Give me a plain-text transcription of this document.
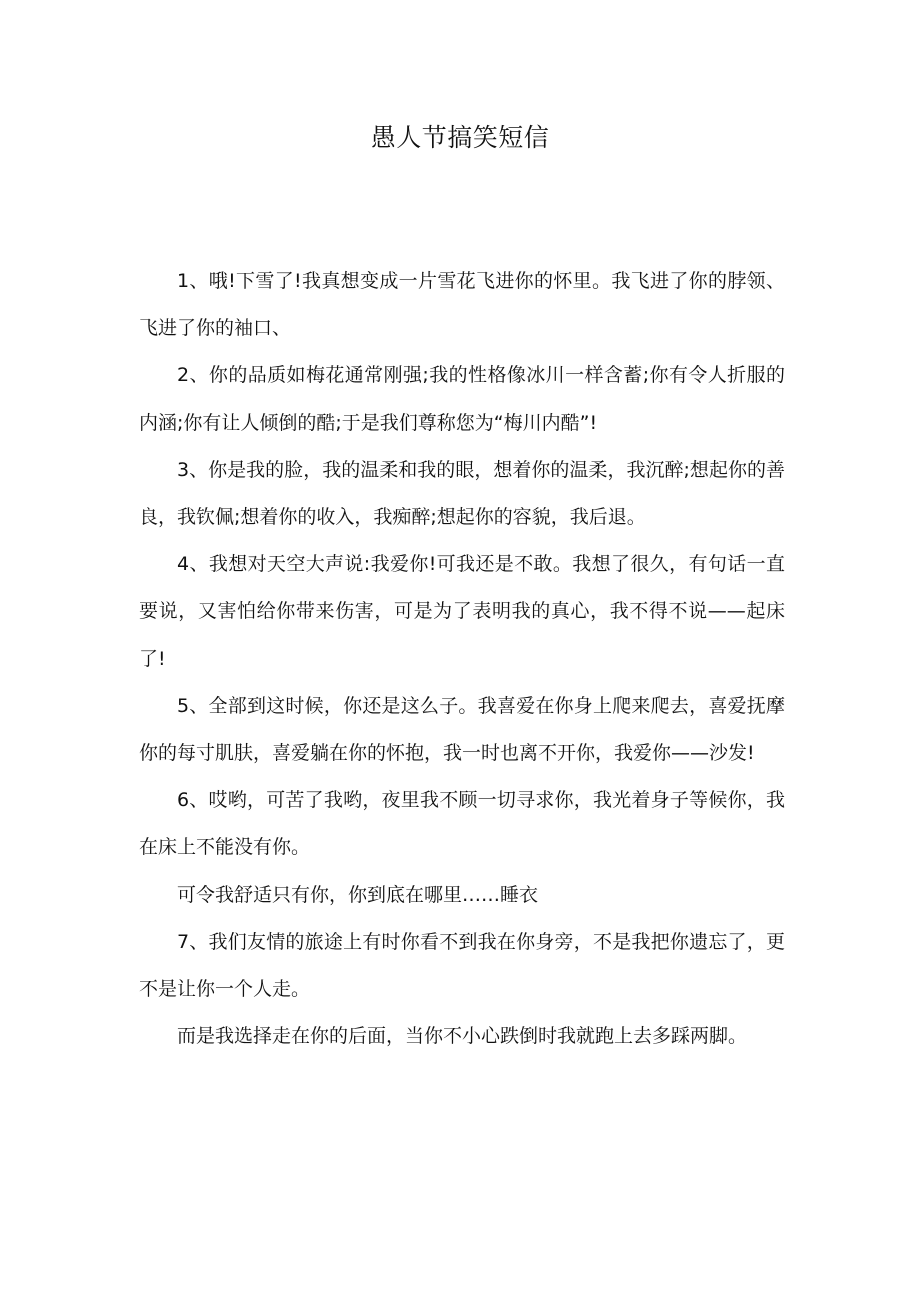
愚人节搞笑短信

1、哦!下雪了!我真想变成一片雪花飞进你的怀里。我飞进了你的脖领、飞进了你的袖口、

2、你的品质如梅花通常刚强;我的性格像冰川一样含蓄;你有令人折服的内涵;你有让人倾倒的酷;于是我们尊称您为“梅川内酷”!

3、你是我的脸，我的温柔和我的眼，想着你的温柔，我沉醉;想起你的善良，我钦佩;想着你的收入，我痴醉;想起你的容貌，我后退。

4、我想对天空大声说:我爱你!可我还是不敢。我想了很久，有句话一直要说，又害怕给你带来伤害，可是为了表明我的真心，我不得不说——起床了!

5、全部到这时候，你还是这么子。我喜爱在你身上爬来爬去，喜爱抚摩你的每寸肌肤，喜爱躺在你的怀抱，我一时也离不开你，我爱你——沙发!

6、哎哟，可苦了我哟，夜里我不顾一切寻求你，我光着身子等候你，我在床上不能没有你。

可令我舒适只有你，你到底在哪里……睡衣

7、我们友情的旅途上有时你看不到我在你身旁，不是我把你遗忘了，更不是让你一个人走。

而是我选择走在你的后面，当你不小心跌倒时我就跑上去多踩两脚。
